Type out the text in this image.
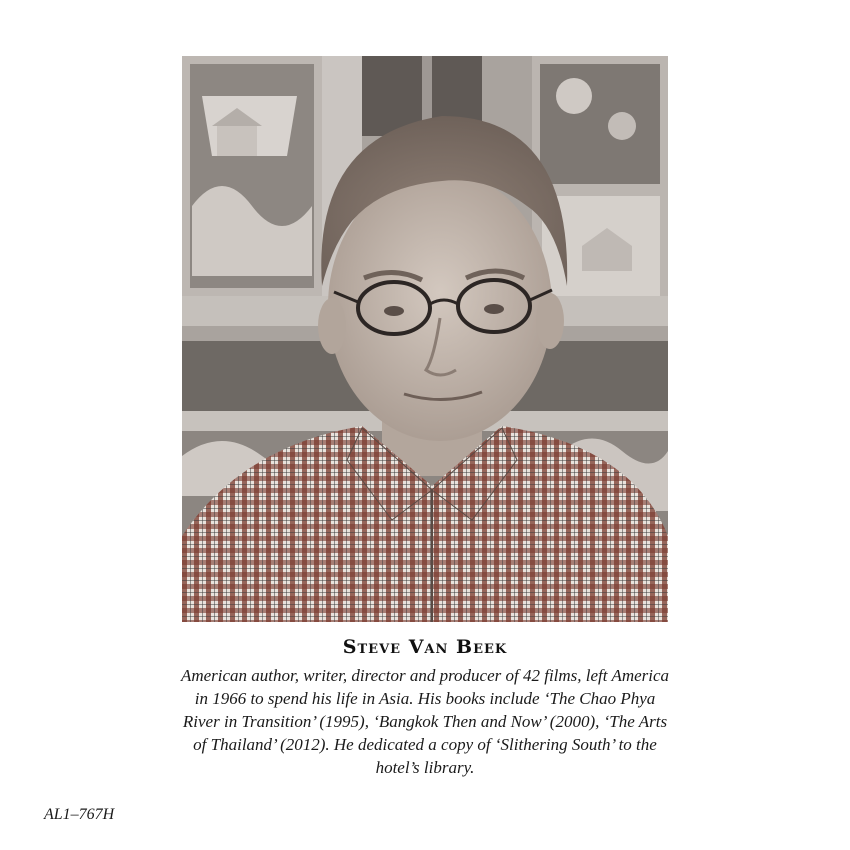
Steve Van Beek
American author, writer, director and producer of 42 films, left America in 1966 to spend his life in Asia. His books include ‘The Chao Phya River in Transition’ (1995), ‘Bangkok Then and Now’ (2000), ‘The Arts of Thailand’ (2012). He dedicated a copy of ‘Slithering South’ to the hotel’s library.
AL1–767H
